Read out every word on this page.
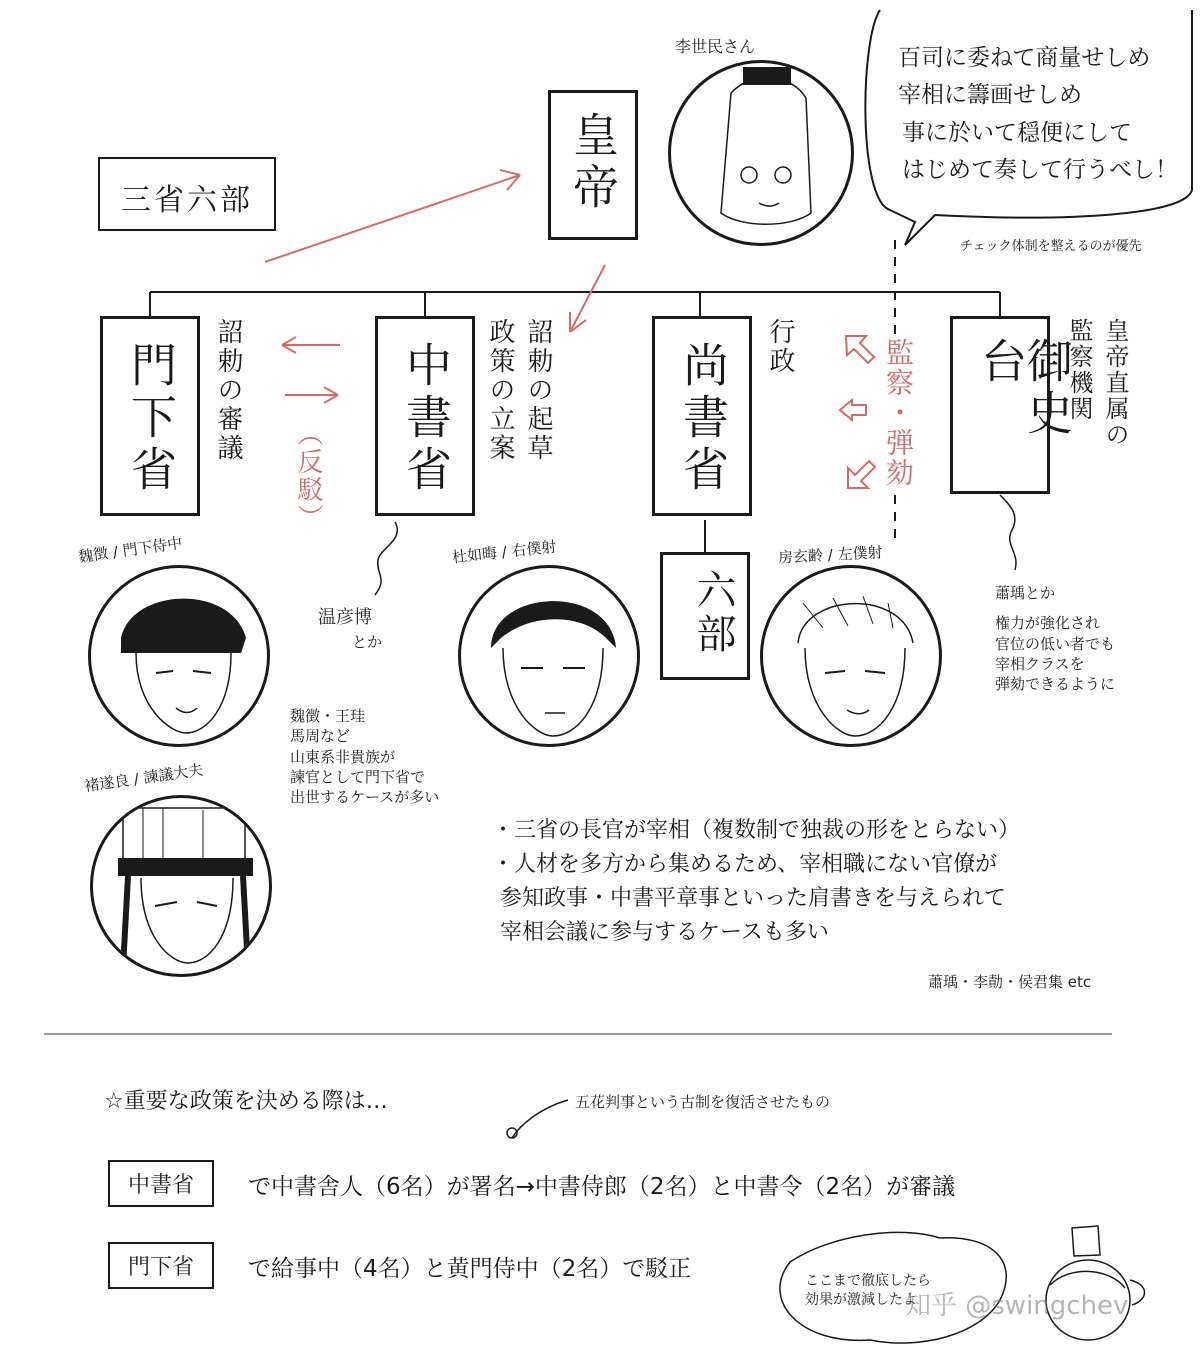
三省六部	皇帝
李世民さん	百司に委ねて商量せしめ
宰相に籌画せしめ
事に於いて穏便にして
はじめて奏して行うべし！
チェック体制を整えるのが優先
門下省 詔勅の審議
（反駁） 中書省 政策の立案 詔勅の起草	尚書省 行政
六部
監察・弾劾	御史台	監察機関 皇帝直属の
温彦博
とか
魏徴・王珪
馬周など
山東系非貴族が
諫官として門下省で
出世するケースが多い
蕭瑀とか
権力が強化され
官位の低い者でも
宰相クラスを
弾劾できるように
魏徴 / 門下侍中	杜如晦 / 右僕射	房玄齢 / 左僕射
褚遂良 / 諫議大夫
・三省の長官が宰相（複数制で独裁の形をとらない）
・人材を多方から集めるため、宰相職にない官僚が
参知政事・中書平章事といった肩書きを与えられて
宰相会議に参与するケースも多い
蕭瑀・李勣・侯君集 etc
☆重要な政策を決める際は…	五花判事という古制を復活させたもの
中書省	で中書舎人（6名）が署名→中書侍郎（2名）と中書令（2名）が審議
門下省	で給事中（4名）と黄門侍中（2名）で駁正	ここまで徹底したら
効果が激減したよ
知乎 @swingchev
